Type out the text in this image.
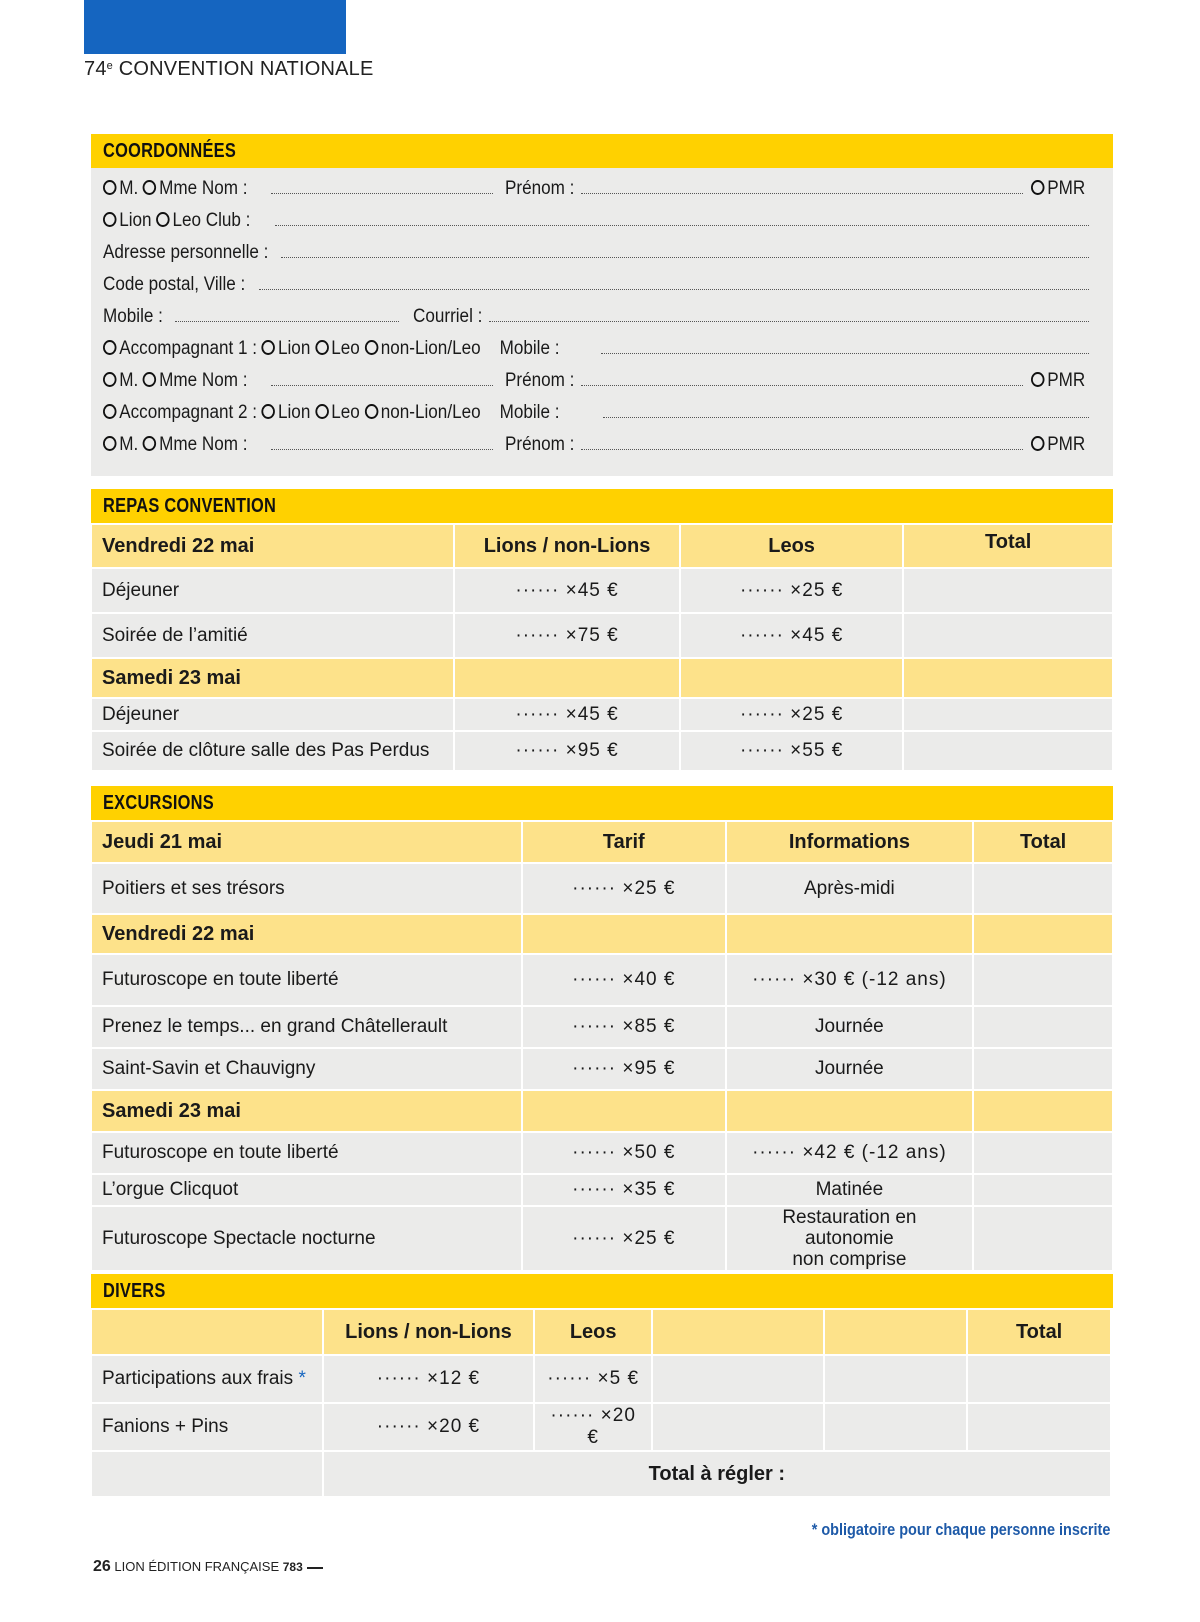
74e CONVENTION NATIONALE
COORDONNÉES
M. Mme Nom :	Prénom :	PMR
Lion Leo Club :
Adresse personnelle :
Code postal, Ville :
Mobile :	Courriel :
Accompagnant 1 : Lion Leo non-Lion/Leo Mobile :
M. Mme Nom :	Prénom :	PMR
Accompagnant 2 : Lion Leo non-Lion/Leo Mobile :
M. Mme Nom :	Prénom :	PMR
REPAS CONVENTION
Vendredi 22 mai	Lions / non-Lions	Leos	Total
Déjeuner	······ ×45 €	······ ×25 €	
Soirée de l’amitié	······ ×75 €	······ ×45 €	
Samedi 23 mai			
Déjeuner	······ ×45 €	······ ×25 €	
Soirée de clôture salle des Pas Perdus	······ ×95 €	······ ×55 €	
EXCURSIONS
Jeudi 21 mai	Tarif	Informations	Total
Poitiers et ses trésors	······ ×25 €	Après-midi	
Vendredi 22 mai			
Futuroscope en toute liberté	······ ×40 €	······ ×30 € (-12 ans)	
Prenez le temps... en grand Châtellerault	······ ×85 €	Journée	
Saint-Savin et Chauvigny	······ ×95 €	Journée	
Samedi 23 mai			
Futuroscope en toute liberté	······ ×50 €	······ ×42 € (-12 ans)	
L’orgue Clicquot	······ ×35 €	Matinée	
Futuroscope Spectacle nocturne	······ ×25 €	Restauration en autonomie
non comprise	

DIVERS
	Lions / non-Lions	Leos			Total
Participations aux frais *	······ ×12 €	······ ×5 €			
Fanions + Pins	······ ×20 €	······ ×20 €			
	Total à régler :				
* obligatoire pour chaque personne inscrite
26 LION ÉDITION FRANÇAISE 783
